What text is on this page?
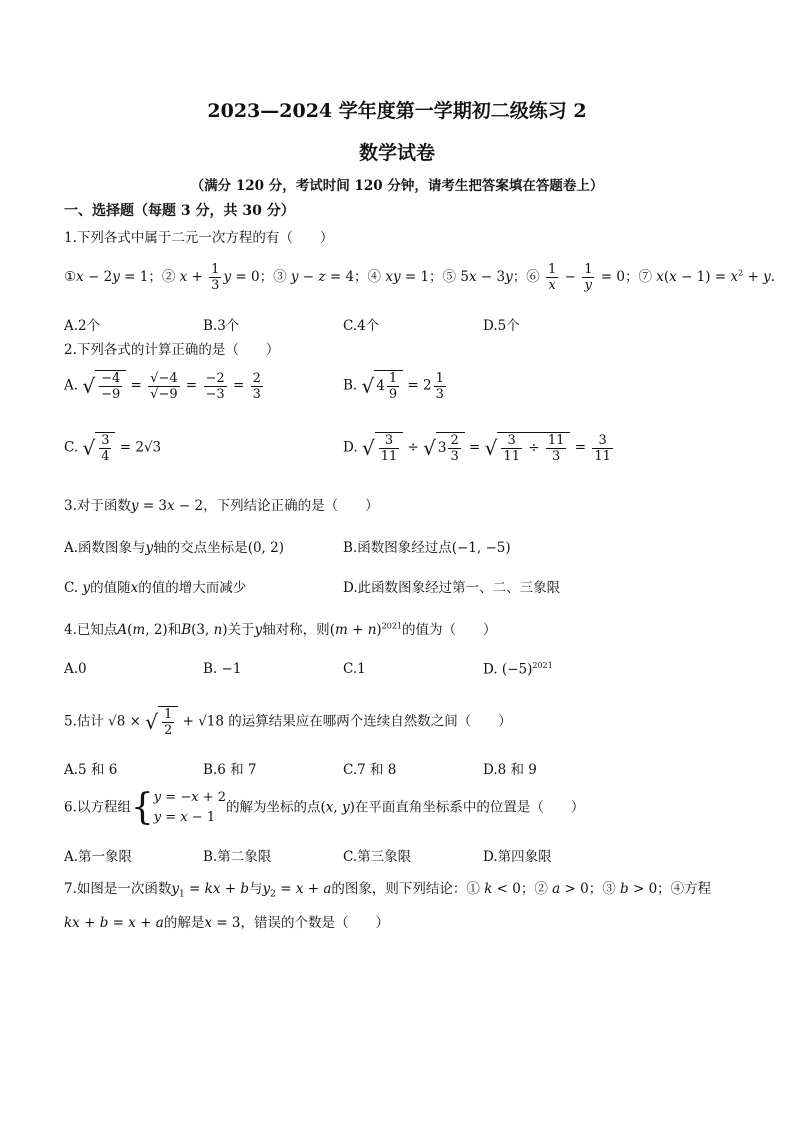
2023—2024 学年度第一学期初二级练习 2
数学试卷
（满分 120 分，考试时间 120 分钟，请考生把答案填在答题卷上）
一、选择题（每题 3 分，共 30 分）
1.下列各式中属于二元一次方程的有（　　）
①x − 2y = 1；② $x + \frac{1}{3}$ y = 0；③ y − z = 4；④ xy = 1；⑤ 5x − 3y；⑥ $\frac{1}{x} - \frac{1}{y} = 0$；⑦ $x(x - 1) = x^2 + y$.
A.2个	B.3个	C.4个	D.5个
2.下列各式的计算正确的是（　　）
A. √ $\frac{-4}{-9} = \frac{√-4}{√-9} = \frac{-2}{-3} = \frac{2}{3}$	B. √ $4 \frac{1}{9} = 2 \frac{1}{3}$
C. √ $\frac{3}{4} = 2√3$	D. √ $\frac{3}{11}$ ÷ √ $3 \frac{2}{3}$ = √ $\frac{3}{11} \div \frac{11}{3} = \frac{3}{11}$
3.对于函数y = 3x − 2，下列结论正确的是（　　）
A.函数图象与y轴的交点坐标是(0, 2)	B.函数图象经过点(−1, −5)
C. y的值随x的值的增大而减少	D.此函数图象经过第一、二、三象限
4.已知点A(m, 2)和B(3, n)关于y轴对称，则$(m + n)^{2021}$的值为（　　）
A.0	B. −1	C.1	D. $(-5)^{2021}$
5.估计 √8 × √ $\frac{1}{2} + √18$ 的运算结果应在哪两个连续自然数之间（　　）
A.5 和 6	B.6 和 7	C.7 和 8	D.8 和 9
6.以方程组{y = −x + 2
y = x − 1的解为坐标的点(x, y)在平面直角坐标系中的位置是（　　）
A.第一象限	B.第二象限	C.第三象限	D.第四象限
7.如图是一次函数$y_1$ = kx + b与$y_2 = x + a$的图象，则下列结论：① k < 0；② a > 0；③ b > 0；④方程
kx + b = x + a的解是x = 3，错误的个数是（　　）
